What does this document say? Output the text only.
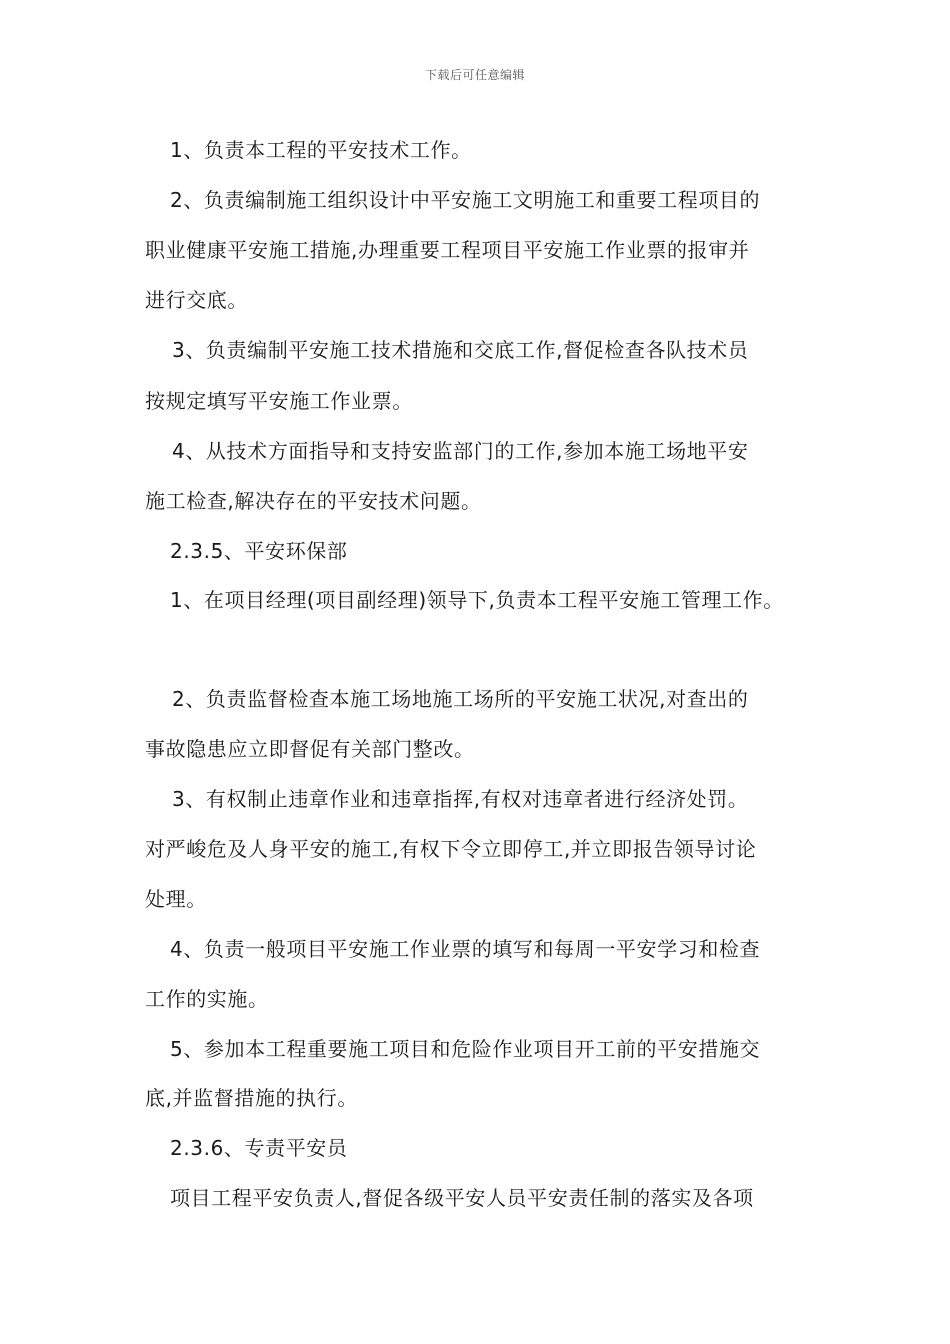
下载后可任意编辑
1、负责本工程的平安技术工作。
2、负责编制施工组织设计中平安施工文明施工和重要工程项目的
职业健康平安施工措施,办理重要工程项目平安施工作业票的报审并
进行交底。
3、负责编制平安施工技术措施和交底工作,督促检查各队技术员
按规定填写平安施工作业票。
4、从技术方面指导和支持安监部门的工作,参加本施工场地平安
施工检查,解决存在的平安技术问题。
2.3.5、平安环保部
1、在项目经理(项目副经理)领导下,负责本工程平安施工管理工作。
2、负责监督检查本施工场地施工场所的平安施工状况,对查出的
事故隐患应立即督促有关部门整改。
3、有权制止违章作业和违章指挥,有权对违章者进行经济处罚。
对严峻危及人身平安的施工,有权下令立即停工,并立即报告领导讨论
处理。
4、负责一般项目平安施工作业票的填写和每周一平安学习和检查
工作的实施。
5、参加本工程重要施工项目和危险作业项目开工前的平安措施交
底,并监督措施的执行。
2.3.6、专责平安员
项目工程平安负责人,督促各级平安人员平安责任制的落实及各项
